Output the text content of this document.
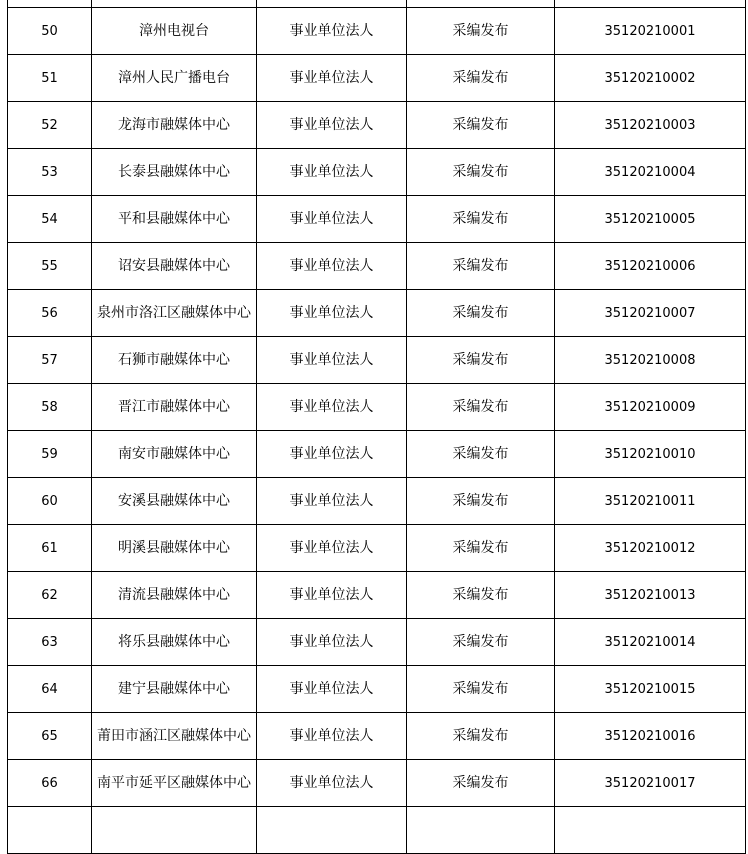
50	漳州电视台	事业单位法人	采编发布	35120210001
51	漳州人民广播电台	事业单位法人	采编发布	35120210002
52	龙海市融媒体中心	事业单位法人	采编发布	35120210003
53	长泰县融媒体中心	事业单位法人	采编发布	35120210004
54	平和县融媒体中心	事业单位法人	采编发布	35120210005
55	诏安县融媒体中心	事业单位法人	采编发布	35120210006
56	泉州市洛江区融媒体中心	事业单位法人	采编发布	35120210007
57	石狮市融媒体中心	事业单位法人	采编发布	35120210008
58	晋江市融媒体中心	事业单位法人	采编发布	35120210009
59	南安市融媒体中心	事业单位法人	采编发布	35120210010
60	安溪县融媒体中心	事业单位法人	采编发布	35120210011
61	明溪县融媒体中心	事业单位法人	采编发布	35120210012
62	清流县融媒体中心	事业单位法人	采编发布	35120210013
63	将乐县融媒体中心	事业单位法人	采编发布	35120210014
64	建宁县融媒体中心	事业单位法人	采编发布	35120210015
65	莆田市涵江区融媒体中心	事业单位法人	采编发布	35120210016
66	南平市延平区融媒体中心	事业单位法人	采编发布	35120210017
